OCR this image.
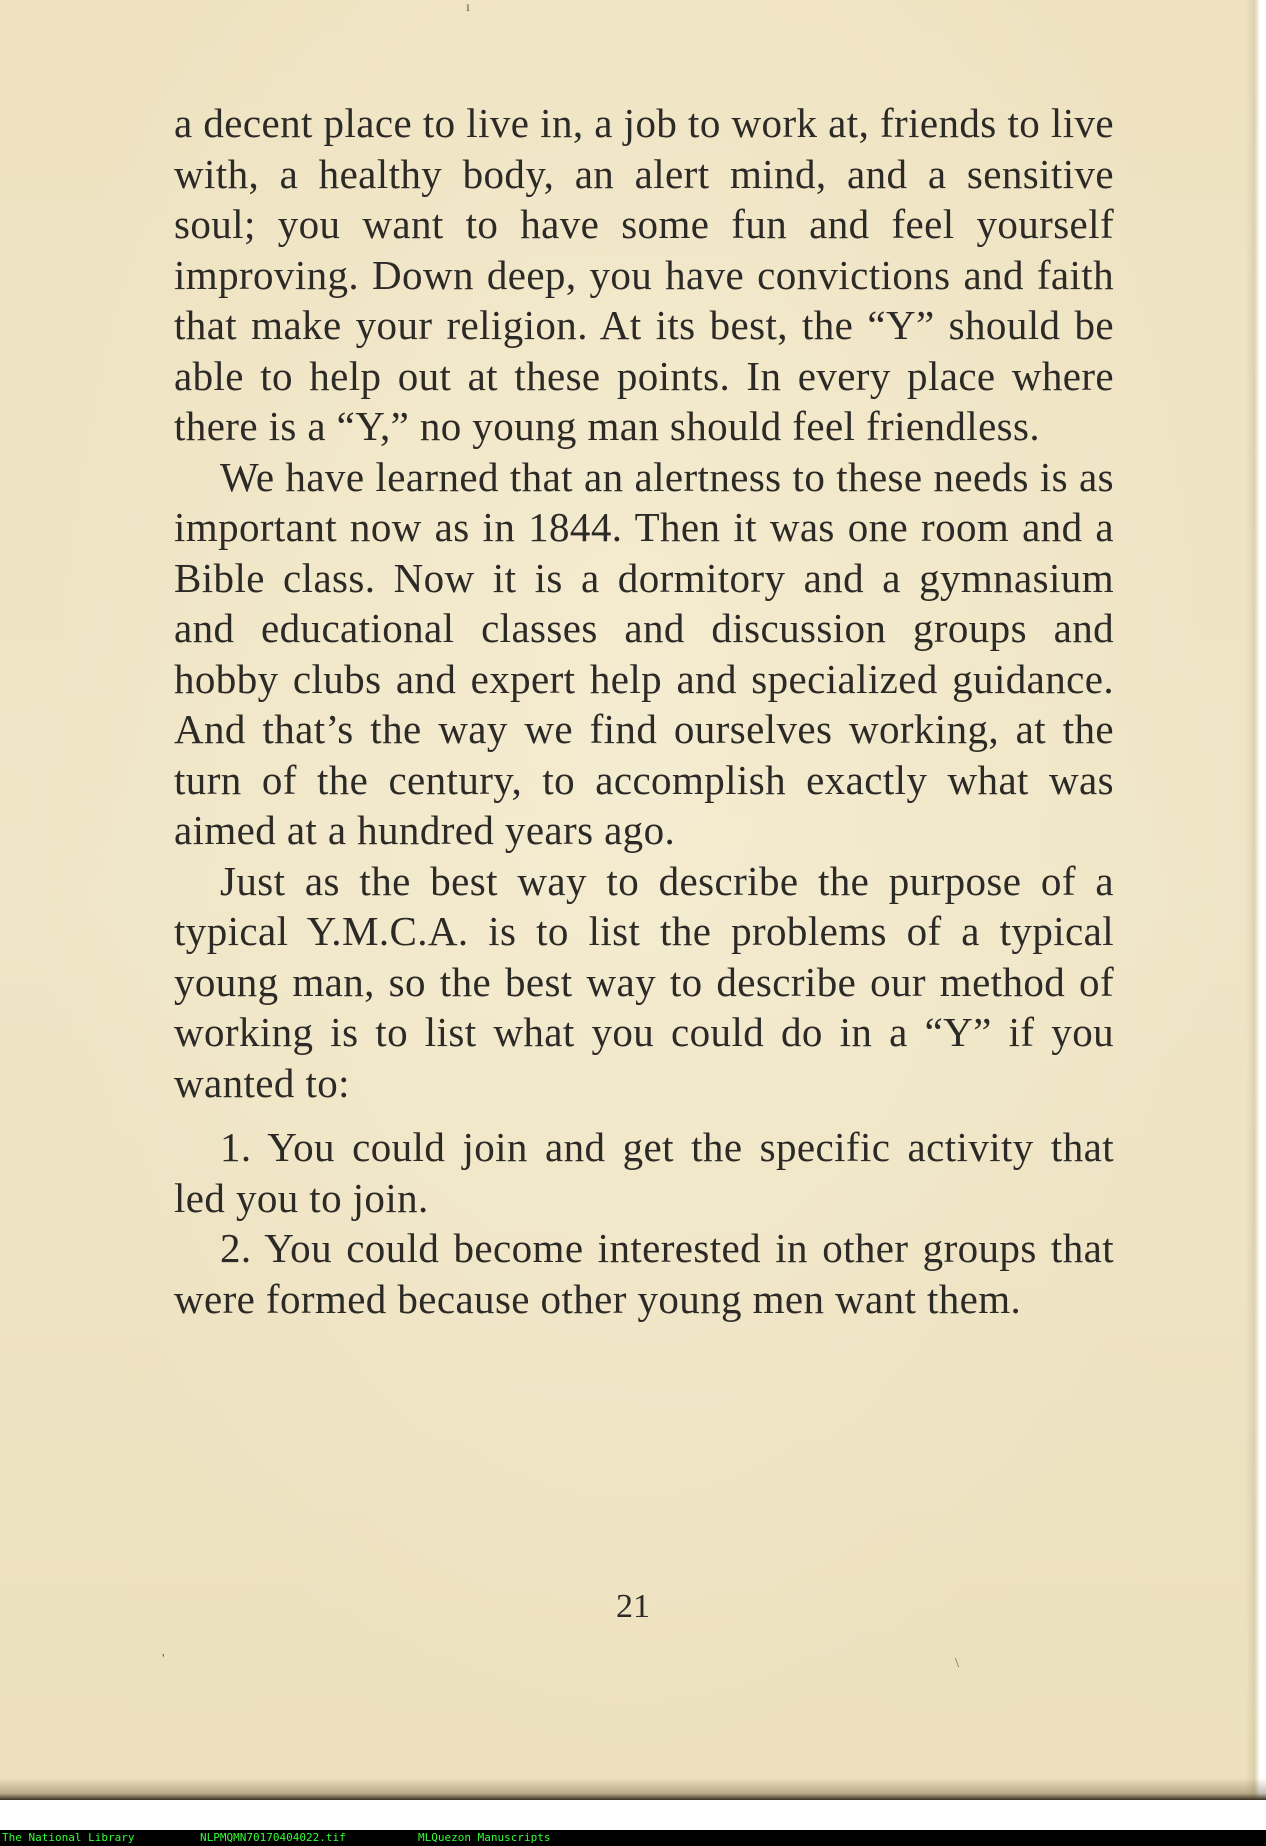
ı
'	\

a decent place to live in, a job to work at, friends to live with, a healthy body, an alert mind, and a sensitive soul; you want to have some fun and feel yourself improving. Down deep, you have convictions and faith that make your religion. At its best, the “Y” should be able to help out at these points. In every place where there is a “Y,” no young man should feel friendless.

We have learned that an alertness to these needs is as important now as in 1844. Then it was one room and a Bible class. Now it is a dormitory and a gymnasium and educational classes and discussion groups and hobby clubs and expert help and specialized guidance. And that’s the way we find ourselves working, at the turn of the century, to accomplish exactly what was aimed at a hundred years ago.

Just as the best way to describe the purpose of a typical Y.M.C.A. is to list the problems of a typical young man, so the best way to describe our method of working is to list what you could do in a “Y” if you wanted to:

1. You could join and get the specific activity that led you to join.

2. You could become interested in other groups that were formed because other young men want them.

21
The National Library	NLPMQMN70170404022.tif	MLQuezon Manuscripts
